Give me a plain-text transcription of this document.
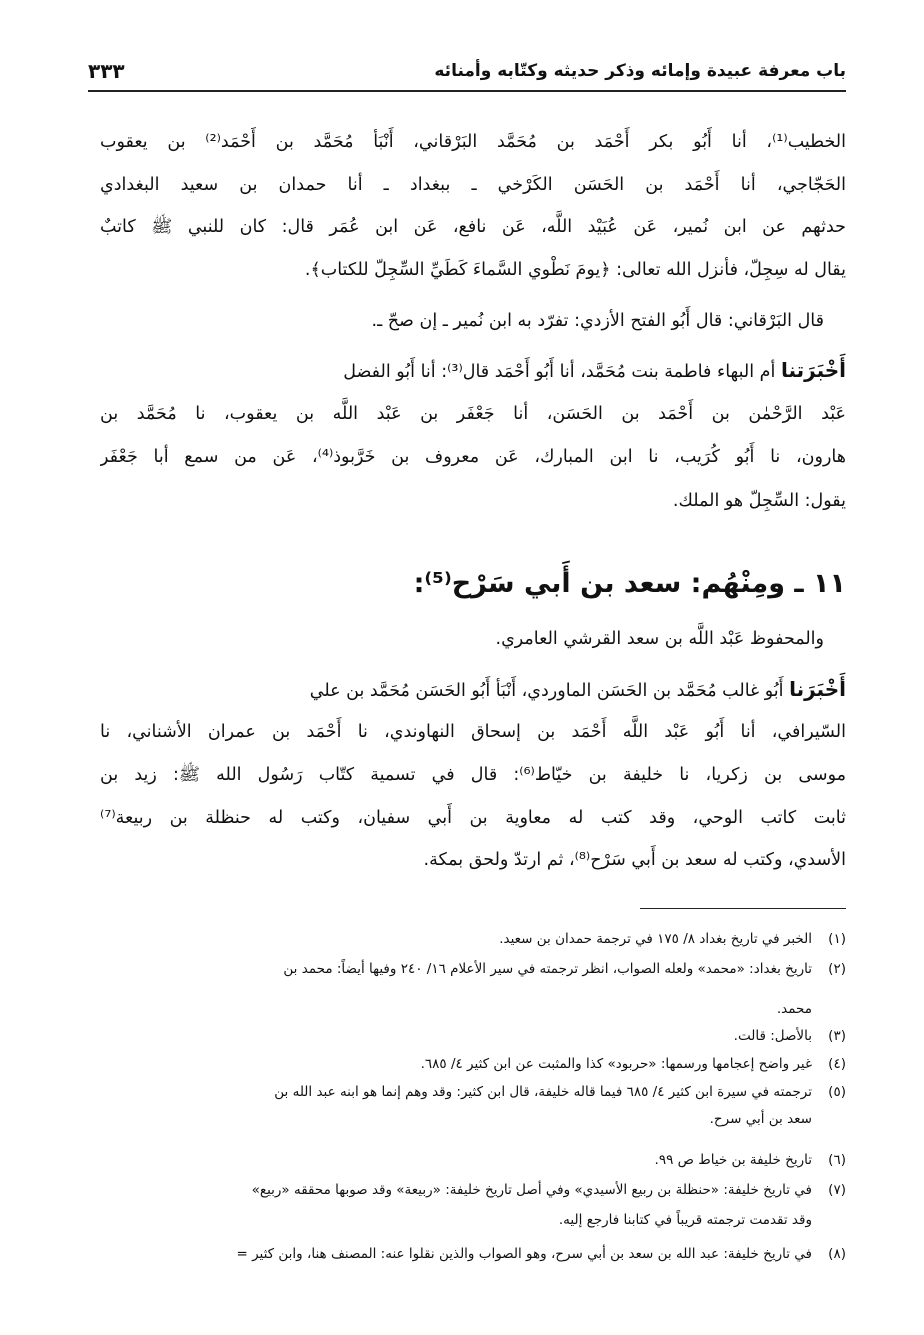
باب معرفة عبيدة وإمائه وذكر حديثه وكتّابه وأمنائه
٣٣٣
الخطيب⁽¹⁾، أنا أَبُو بكر أَحْمَد بن مُحَمَّد البَرْقاني، أَنْبَأ مُحَمَّد بن أَحْمَد⁽²⁾ بن يعقوب
الحَجّاجي، أنا أَحْمَد بن الحَسَن الكَرْخي ـ ببغداد ـ أنا حمدان بن سعيد البغدادي
حدثهم عن ابن نُمير، عَن عُبَيْد اللَّه، عَن نافع، عَن ابن عُمَر قال: كان للنبي ﷺ كاتبٌ
يقال له سِجِلّ، فأنزل الله تعالى: ﴿يومَ نَطْوي السَّماءَ كَطَيِّ السِّجِلّ للكتاب﴾.
قال البَرْقاني: قال أَبُو الفتح الأزدي: تفرّد به ابن نُمير ـ إن صحّ ـ.
أَخْبَرَتنا أم البهاء فاطمة بنت مُحَمَّد، أنا أَبُو أَحْمَد قال⁽³⁾: أنا أَبُو الفضل
عَبْد الرَّحْمٰن بن أَحْمَد بن الحَسَن، أنا جَعْفَر بن عَبْد اللَّه بن يعقوب، نا مُحَمَّد بن
هارون، نا أَبُو كُرَيب، نا ابن المبارك، عَن معروف بن خَرَّبوذ⁽⁴⁾، عَن من سمع أبا جَعْفَر
يقول: السِّجِلّ هو الملك.
١١ ـ ومِنْهُم: سعد بن أَبي سَرْح⁽⁵⁾:
والمحفوظ عَبْد اللَّه بن سعد القرشي العامري.
أَخْبَرَنا أَبُو غالب مُحَمَّد بن الحَسَن الماوردي، أَنْبَأ أَبُو الحَسَن مُحَمَّد بن علي
السّيرافي، أنا أَبُو عَبْد اللَّه أَحْمَد بن إسحاق النهاوندي، نا أَحْمَد بن عمران الأشناني، نا
موسى بن زكريا، نا خليفة بن خيّاط⁽⁶⁾: قال في تسمية كتّاب رَسُول الله ﷺ: زيد بن
ثابت كاتب الوحي، وقد كتب له معاوية بن أَبي سفيان، وكتب له حنظلة بن ربيعة⁽⁷⁾
الأسدي، وكتب له سعد بن أَبي سَرْح⁽⁸⁾، ثم ارتدّ ولحق بمكة.
(١)الخبر في تاريخ بغداد ٨/ ١٧٥ في ترجمة حمدان بن سعيد.
(٢)تاريخ بغداد: «محمد» ولعله الصواب، انظر ترجمته في سير الأعلام ١٦/ ٢٤٠ وفيها أيضاً: محمد بن
محمد.
(٣)بالأصل: قالت.
(٤)غير واضح إعجامها ورسمها: «حربود» كذا والمثبت عن ابن كثير ٤/ ٦٨٥.
(٥)ترجمته في سيرة ابن كثير ٤/ ٦٨٥ فيما قاله خليفة، قال ابن كثير: وقد وهم إنما هو ابنه عبد الله بن
سعد بن أبي سرح.
(٦)تاريخ خليفة بن خياط ص ٩٩.
(٧)في تاريخ خليفة: «حنظلة بن ربيع الأسيدي» وفي أصل تاريخ خليفة: «ربيعة» وقد صوبها محققه «ربيع»
وقد تقدمت ترجمته قريباً في كتابنا فارجع إليه.
(٨)في تاريخ خليفة: عبد الله بن سعد بن أبي سرح، وهو الصواب والذين نقلوا عنه: المصنف هنا، وابن كثير =
